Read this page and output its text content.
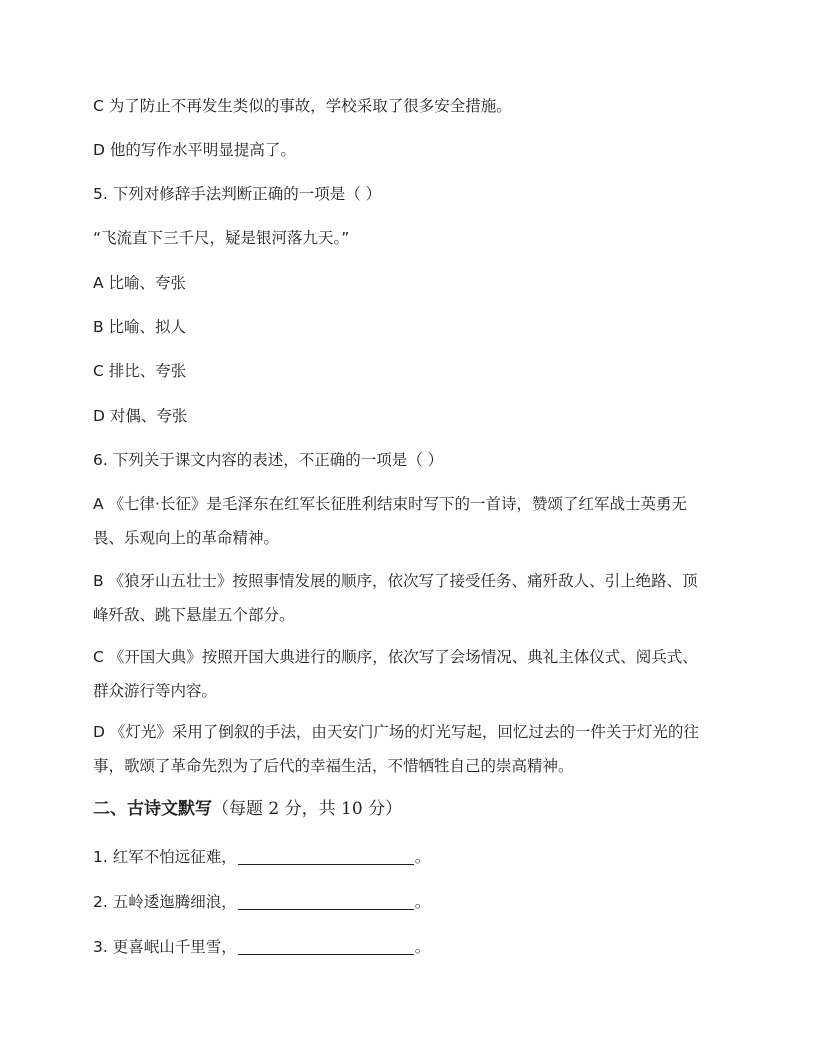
C 为了防止不再发生类似的事故，学校采取了很多安全措施。
D 他的写作水平明显提高了。
5. 下列对修辞手法判断正确的一项是（ ）
“飞流直下三千尺，疑是银河落九天。”
A 比喻、夸张
B 比喻、拟人
C 排比、夸张
D 对偶、夸张
6. 下列关于课文内容的表述，不正确的一项是（ ）
A 《七律·长征》是毛泽东在红军长征胜利结束时写下的一首诗，赞颂了红军战士英勇无
畏、乐观向上的革命精神。
B 《狼牙山五壮士》按照事情发展的顺序，依次写了接受任务、痛歼敌人、引上绝路、顶
峰歼敌、跳下悬崖五个部分。
C 《开国大典》按照开国大典进行的顺序，依次写了会场情况、典礼主体仪式、阅兵式、
群众游行等内容。
D 《灯光》采用了倒叙的手法，由天安门广场的灯光写起，回忆过去的一件关于灯光的往
事，歌颂了革命先烈为了后代的幸福生活，不惜牺牲自己的崇高精神。
二、古诗文默写（每题 2 分，共 10 分）
1. 红军不怕远征难，	。
2. 五岭逶迤腾细浪，	。
3. 更喜岷山千里雪，	。
